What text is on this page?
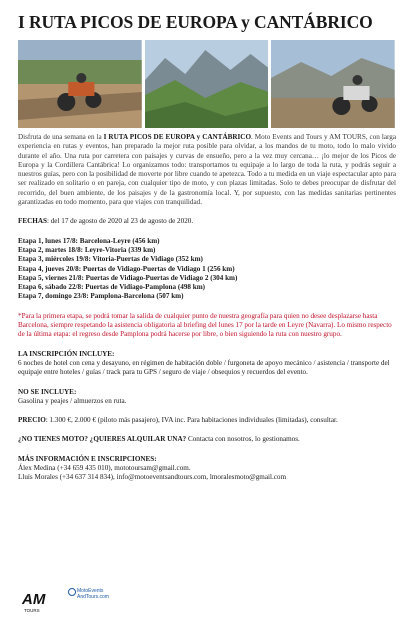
I RUTA PICOS DE EUROPA y CANTÁBRICO

Disfruta de una semana en la I RUTA PICOS DE EUROPA y CANTÁBRICO. Moto Events and Tours y AM TOURS, con larga experiencia en rutas y eventos, han preparado la mejor ruta posible para olvidar, a los mandos de tu moto, todo lo malo vivido durante el año. Una ruta por carretera con paisajes y curvas de ensueño, pero a la vez muy cercana… ¡lo mejor de los Picos de Europa y la Cordillera Cantábrica! Lo organizamos todo: transportamos tu equipaje a lo largo de toda la ruta, y podrás seguir a nuestros guías, pero con la posibilidad de moverte por libre cuando te apetezca. Todo a tu medida en un viaje espectacular apto para ser realizado en solitario o en pareja, con cualquier tipo de moto, y con plazas limitadas. Solo te debes preocupar de disfrutar del recorrido, del buen ambiente, de los paisajes y de la gastronomía local. Y, por supuesto, con las medidas sanitarias pertinentes garantizadas en todo momento, para que viajes con tranquilidad.

FECHAS: del 17 de agosto de 2020 al 23 de agosto de 2020.

Etapa 1, lunes 17/8: Barcelona-Leyre (456 km)

Etapa 2, martes 18/8: Leyre-Vitoria (339 km)

Etapa 3, miércoles 19/8: Vitoria-Puertas de Vidiago (352 km)

Etapa 4, jueves 20/8: Puertas de Vidiago-Puertas de Vidiago 1 (256 km)

Etapa 5, viernes 21/8: Puertas de Vidiago-Puertas de Vidiago 2 (304 km)

Etapa 6, sábado 22/8: Puertas de Vidiago-Pamplona (498 km)

Etapa 7, domingo 23/8: Pamplona-Barcelona (507 km)

*Para la primera etapa, se podrá tomar la salida de cualquier punto de nuestra geografía para quien no desee desplazarse hasta Barcelona, siempre respetando la asistencia obligatoria al briefing del lunes 17 por la tarde en Leyre (Navarra). Lo mismo respecto de la última etapa: el regreso desde Pamplona podrá hacerse por libre, o bien siguiendo la ruta con nuestro grupo.

LA INSCRIPCIÓN INCLUYE:

6 noches de hotel con cena y desayuno, en régimen de habitación doble / furgoneta de apoyo mecánico / asistencia / transporte del equipaje entre hoteles / guías / track para tu GPS / seguro de viaje / obsequios y recuerdos del evento.

NO SE INCLUYE:

Gasolina y peajes / almuerzos en ruta.

PRECIO: 1.300 €, 2.000 € (piloto más pasajero), IVA inc. Para habitaciones individuales (limitadas), consultar.

¿NO TIENES MOTO? ¿QUIERES ALQUILAR UNA? Contacta con nosotros, lo gestionamos.

MÁS INFORMACIÓN E INSCRIPCIONES:

Álex Medina (+34 659 435 010), mototoursam@gmail.com.

Lluís Morales (+34 637 314 834), info@motoeventsandtours.com, lmoralesmoto@gmail.com

AM
TOURS
MotoEvents
AndTours.com
